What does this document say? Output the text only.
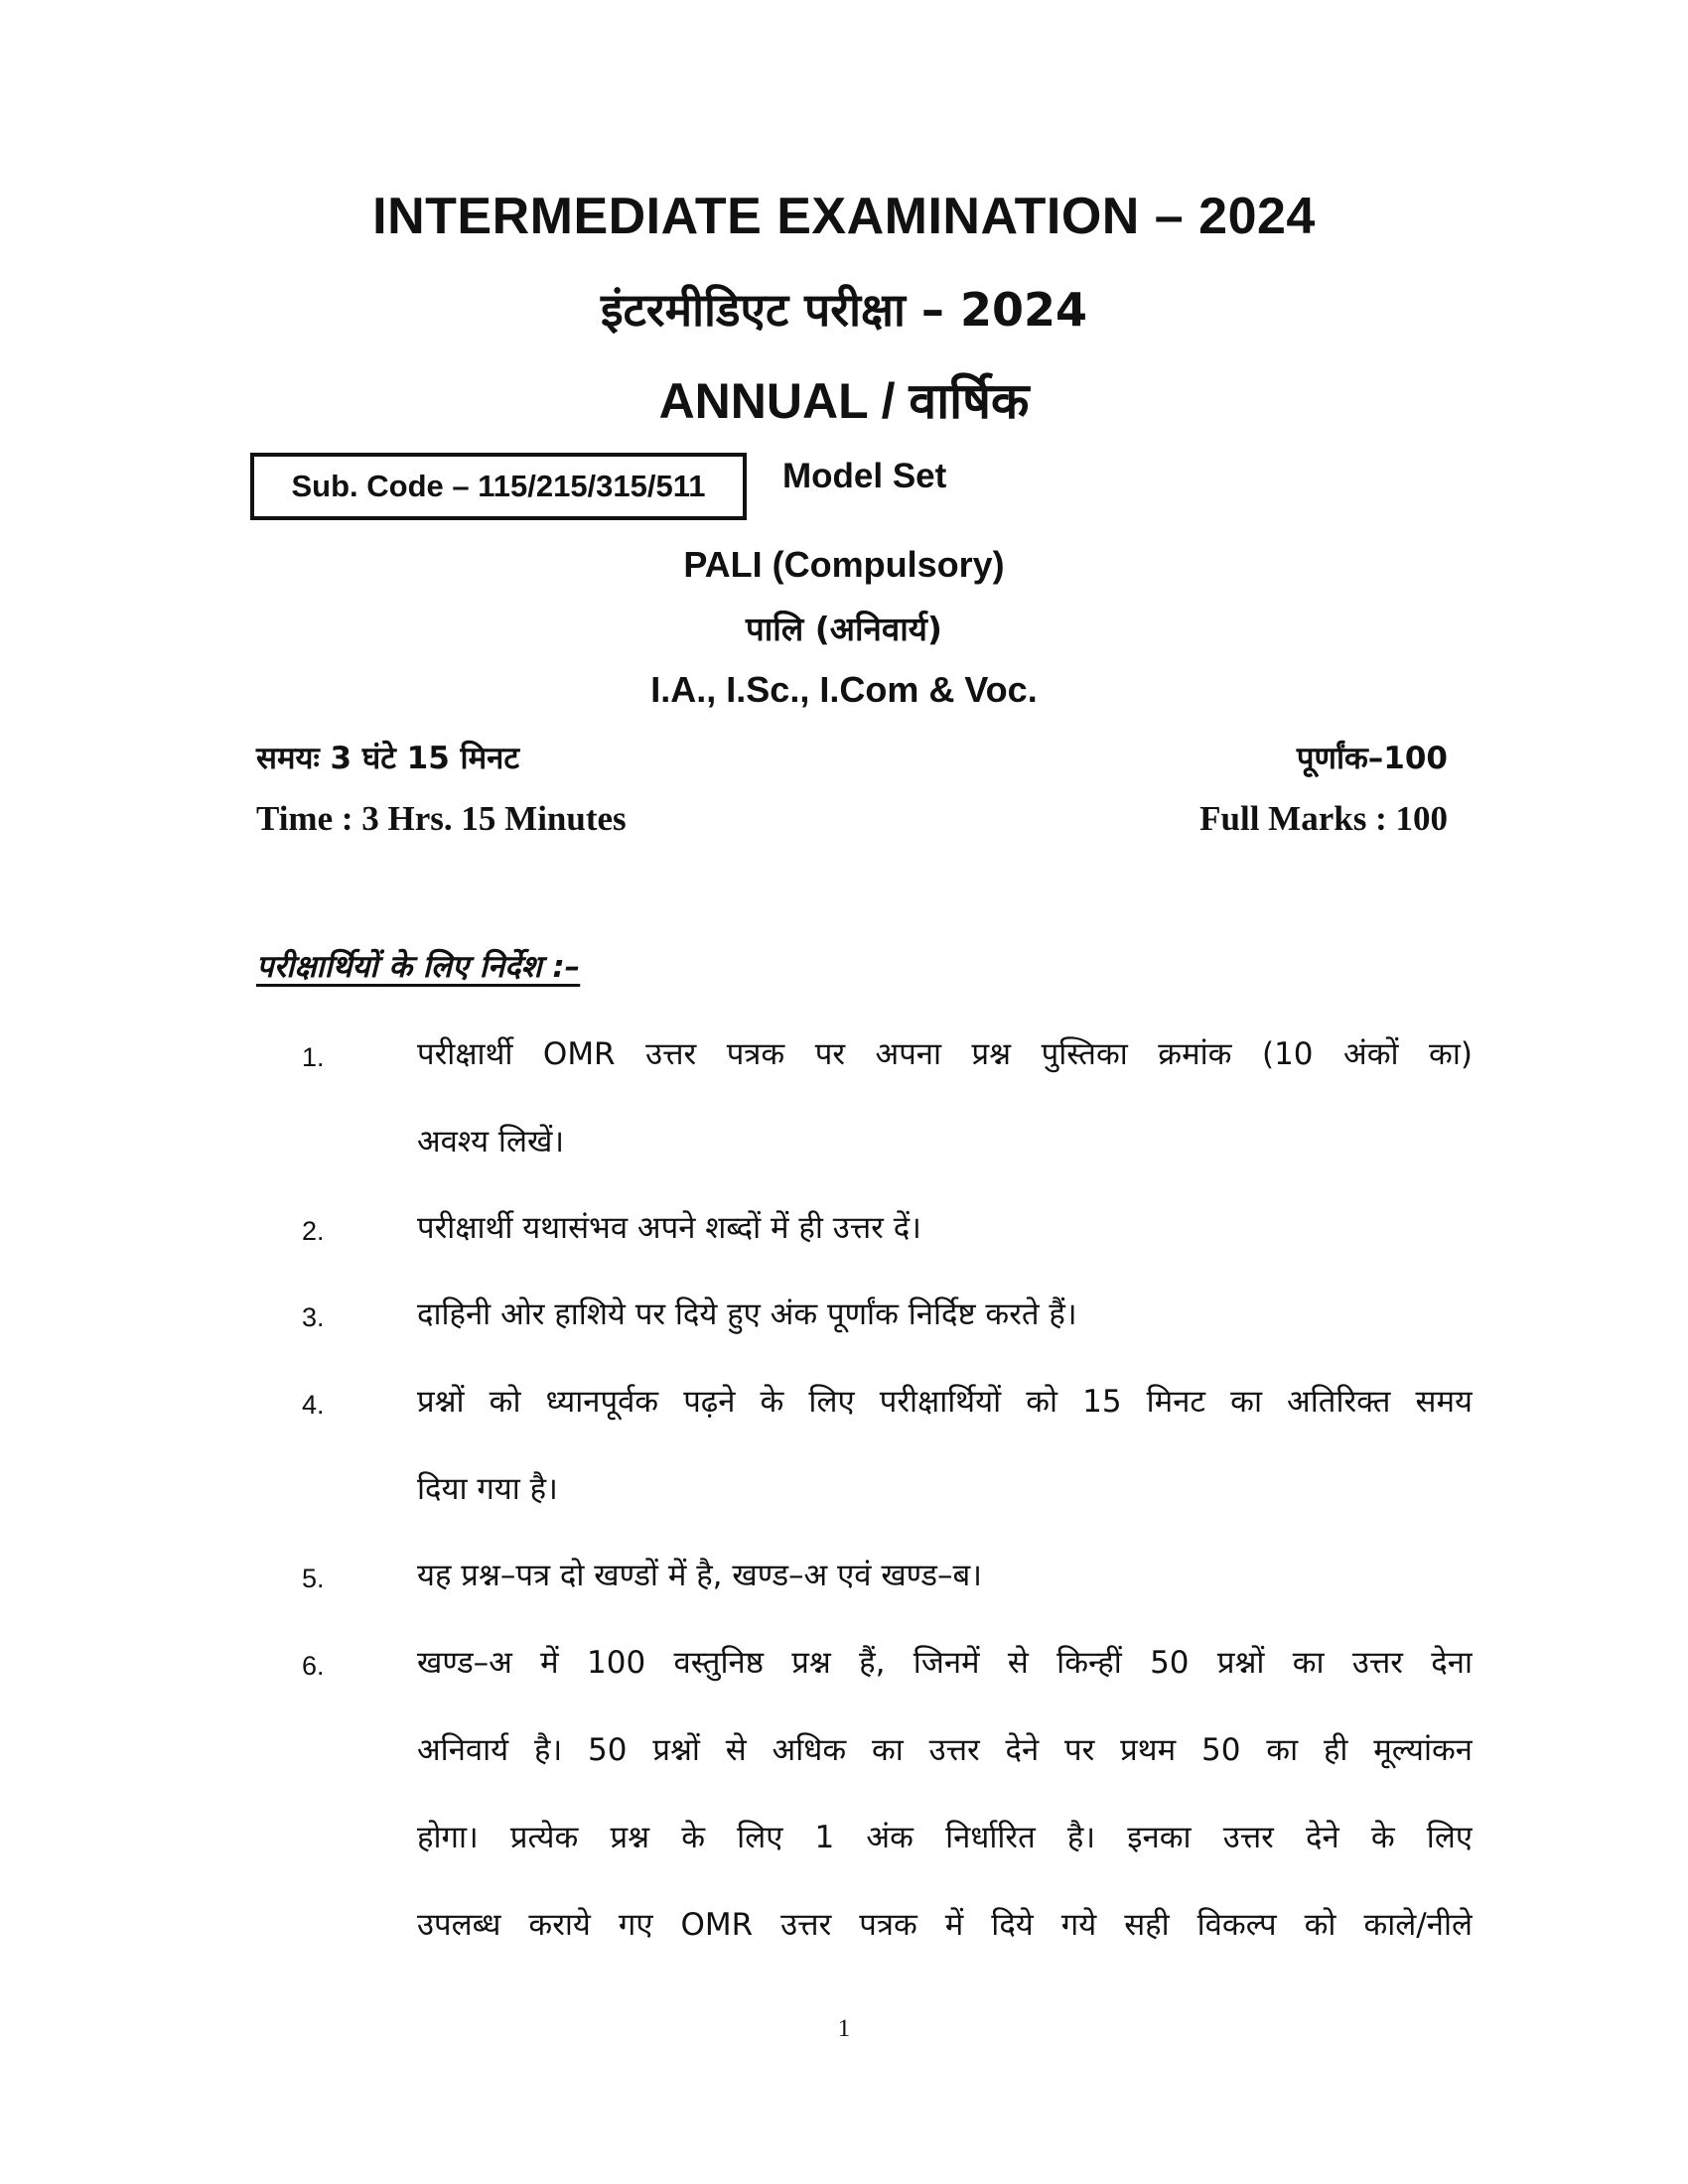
INTERMEDIATE EXAMINATION – 2024
इंटरमीडिएट परीक्षा – 2024
ANNUAL / वार्षिक
Sub. Code – 115/215/315/511 Model Set
PALI (Compulsory)
पालि (अनिवार्य)
I.A., I.Sc., I.Com & Voc.
समयः 3 घंटे 15 मिनट	पूर्णांक–100
Time : 3 Hrs. 15 Minutes	Full Marks : 100
परीक्षार्थियों के लिए निर्देश :–
1.	परीक्षार्थी OMR उत्तर पत्रक पर अपना प्रश्न पुस्तिका क्रमांक (10 अंकों का)
अवश्य लिखें।
2.	परीक्षार्थी यथासंभव अपने शब्दों में ही उत्तर दें।
3.	दाहिनी ओर हाशिये पर दिये हुए अंक पूर्णांक निर्दिष्ट करते हैं।
4.	प्रश्नों को ध्यानपूर्वक पढ़ने के लिए परीक्षार्थियों को 15 मिनट का अतिरिक्त समय
दिया गया है।
5.	यह प्रश्न–पत्र दो खण्डों में है, खण्ड–अ एवं खण्ड–ब।
6.	खण्ड–अ में 100 वस्तुनिष्ठ प्रश्न हैं, जिनमें से किन्हीं 50 प्रश्नों का उत्तर देना
अनिवार्य है। 50 प्रश्नों से अधिक का उत्तर देने पर प्रथम 50 का ही मूल्यांकन
होगा। प्रत्येक प्रश्न के लिए 1 अंक निर्धारित है। इनका उत्तर देने के लिए
उपलब्ध कराये गए OMR उत्तर पत्रक में दिये गये सही विकल्प को काले/नीले
1
